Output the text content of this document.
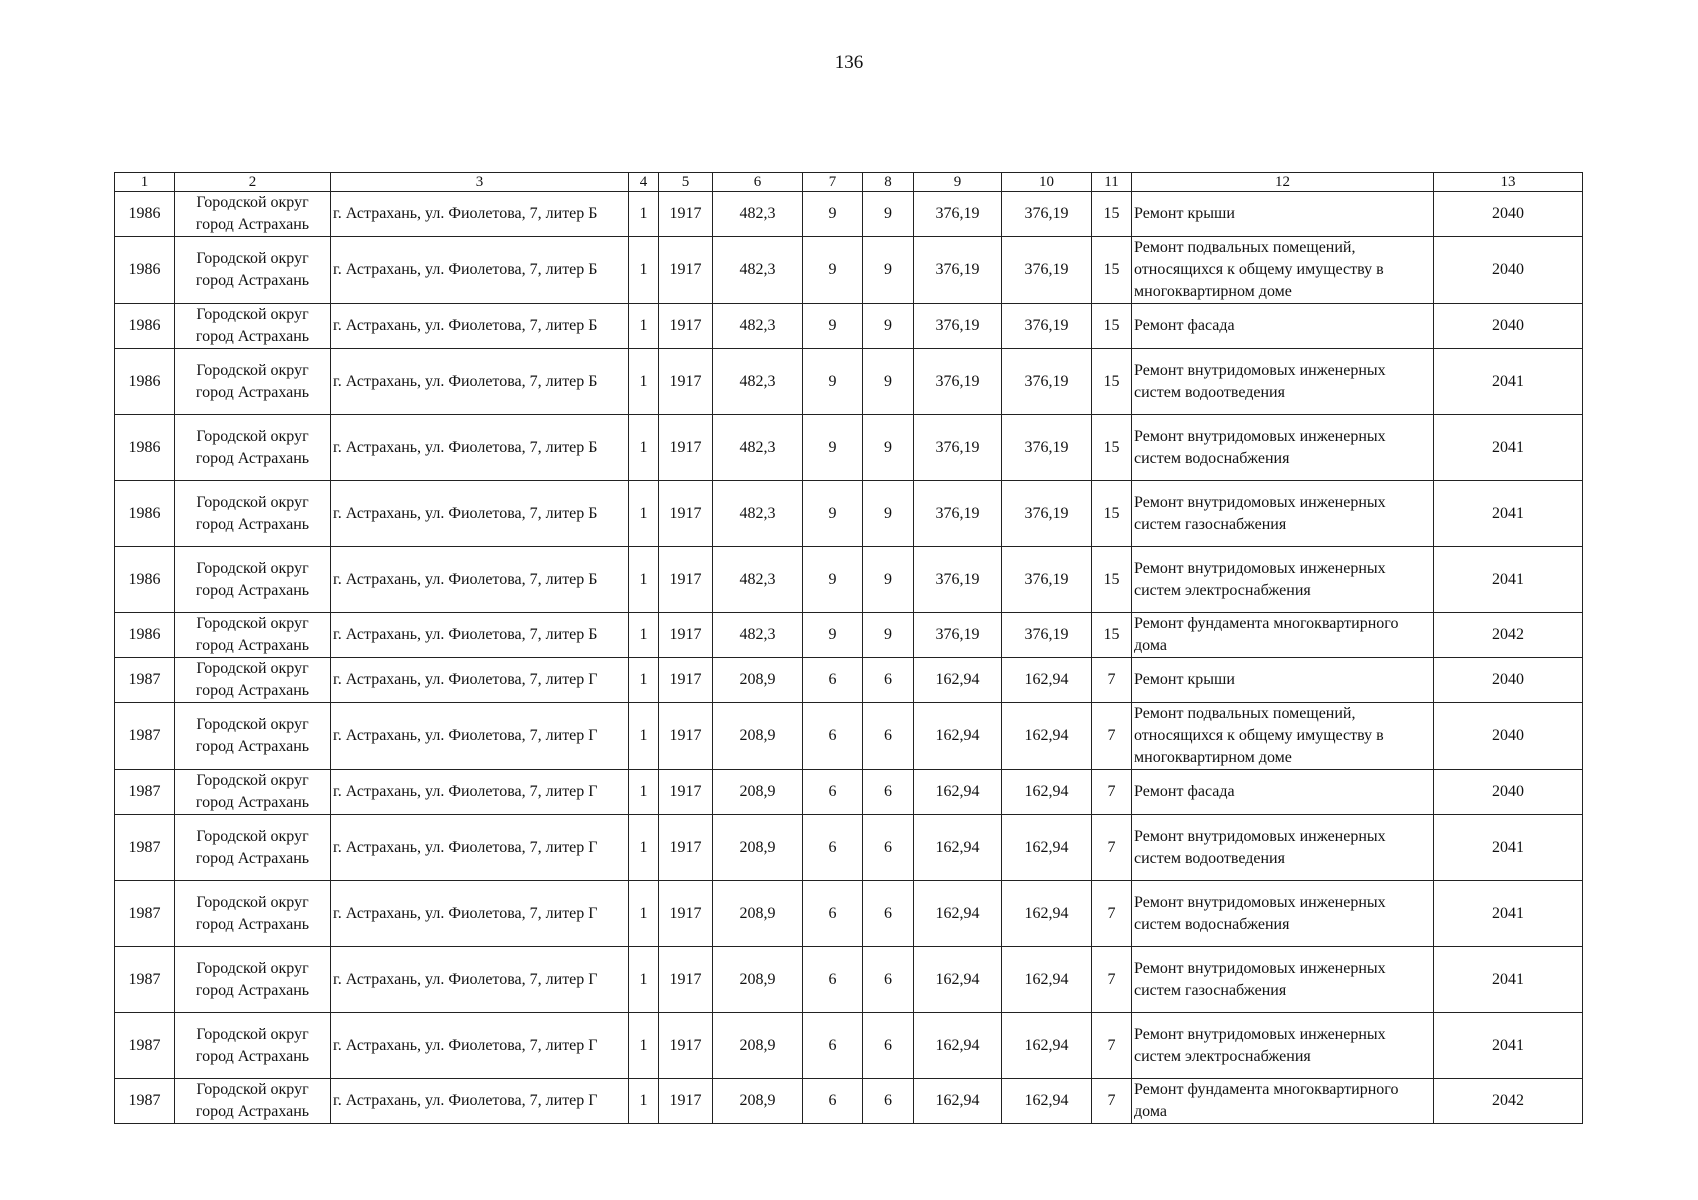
136
1	2	3	4	5	6	7	8	9	10	11	12	13
1986	Городской округ город Астрахань	г. Астрахань, ул. Фиолетова, 7, литер Б	1	1917	482,3	9	9	376,19	376,19	15	Ремонт крыши	2040
1986	Городской округ город Астрахань	г. Астрахань, ул. Фиолетова, 7, литер Б	1	1917	482,3	9	9	376,19	376,19	15	Ремонт подвальных помещений, относящихся к общему имуществу в многоквартирном доме	2040
1986	Городской округ город Астрахань	г. Астрахань, ул. Фиолетова, 7, литер Б	1	1917	482,3	9	9	376,19	376,19	15	Ремонт фасада	2040
1986	Городской округ город Астрахань	г. Астрахань, ул. Фиолетова, 7, литер Б	1	1917	482,3	9	9	376,19	376,19	15	Ремонт внутридомовых инженерных систем водоотведения	2041
1986	Городской округ город Астрахань	г. Астрахань, ул. Фиолетова, 7, литер Б	1	1917	482,3	9	9	376,19	376,19	15	Ремонт внутридомовых инженерных систем водоснабжения	2041
1986	Городской округ город Астрахань	г. Астрахань, ул. Фиолетова, 7, литер Б	1	1917	482,3	9	9	376,19	376,19	15	Ремонт внутридомовых инженерных систем газоснабжения	2041
1986	Городской округ город Астрахань	г. Астрахань, ул. Фиолетова, 7, литер Б	1	1917	482,3	9	9	376,19	376,19	15	Ремонт внутридомовых инженерных систем электроснабжения	2041
1986	Городской округ город Астрахань	г. Астрахань, ул. Фиолетова, 7, литер Б	1	1917	482,3	9	9	376,19	376,19	15	Ремонт фундамента многоквартирного дома	2042
1987	Городской округ город Астрахань	г. Астрахань, ул. Фиолетова, 7, литер Г	1	1917	208,9	6	6	162,94	162,94	7	Ремонт крыши	2040
1987	Городской округ город Астрахань	г. Астрахань, ул. Фиолетова, 7, литер Г	1	1917	208,9	6	6	162,94	162,94	7	Ремонт подвальных помещений, относящихся к общему имуществу в многоквартирном доме	2040
1987	Городской округ город Астрахань	г. Астрахань, ул. Фиолетова, 7, литер Г	1	1917	208,9	6	6	162,94	162,94	7	Ремонт фасада	2040
1987	Городской округ город Астрахань	г. Астрахань, ул. Фиолетова, 7, литер Г	1	1917	208,9	6	6	162,94	162,94	7	Ремонт внутридомовых инженерных систем водоотведения	2041
1987	Городской округ город Астрахань	г. Астрахань, ул. Фиолетова, 7, литер Г	1	1917	208,9	6	6	162,94	162,94	7	Ремонт внутридомовых инженерных систем водоснабжения	2041
1987	Городской округ город Астрахань	г. Астрахань, ул. Фиолетова, 7, литер Г	1	1917	208,9	6	6	162,94	162,94	7	Ремонт внутридомовых инженерных систем газоснабжения	2041
1987	Городской округ город Астрахань	г. Астрахань, ул. Фиолетова, 7, литер Г	1	1917	208,9	6	6	162,94	162,94	7	Ремонт внутридомовых инженерных систем электроснабжения	2041
1987	Городской округ город Астрахань	г. Астрахань, ул. Фиолетова, 7, литер Г	1	1917	208,9	6	6	162,94	162,94	7	Ремонт фундамента многоквартирного дома	2042
